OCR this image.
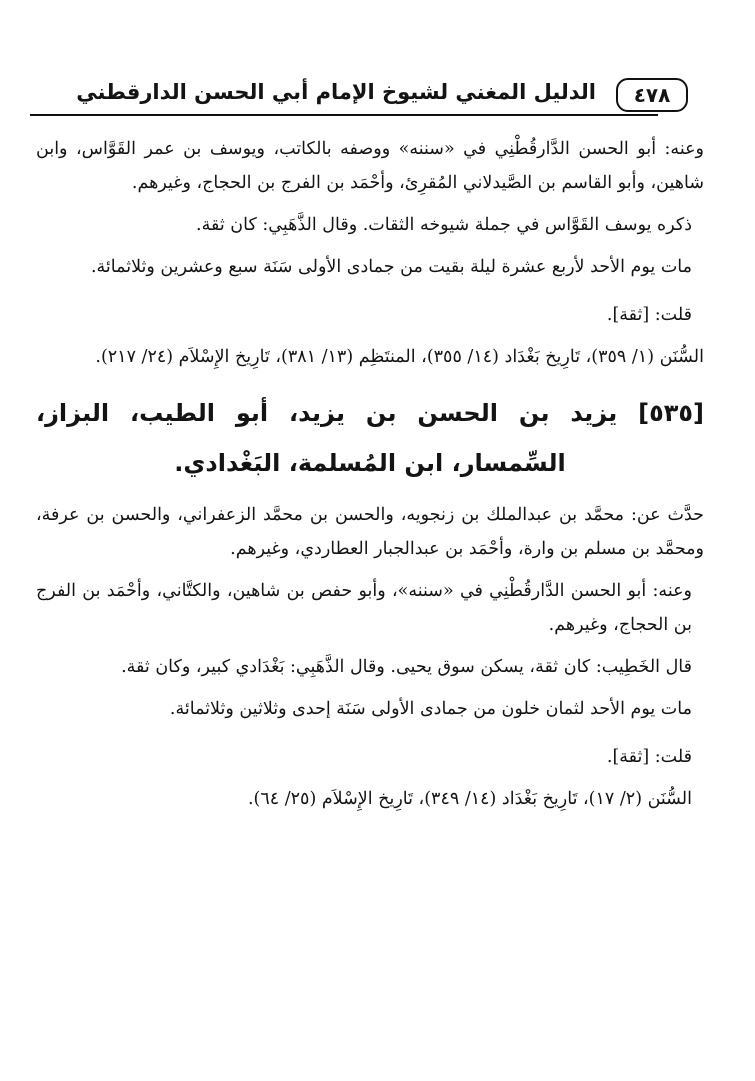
٤٧٨
الدليل المغني لشيوخ الإمام أبي الحسن الدارقطني

وعنه: أبو الحسن الدَّارقُطْنِي في «سننه» ووصفه بالكاتب، ويوسف بن عمر القَوَّاس، وابن شاهين، وأبو القاسم بن الصَّيدلاني المُقرِئ، وأحْمَد بن الفرج بن الحجاج، وغيرهم.

ذكره يوسف القَوَّاس في جملة شيوخه الثقات. وقال الذَّهَبِي: كان ثقة.

مات يوم الأحد لأربع عشرة ليلة بقيت من جمادى الأولى سَنَة سبع وعشرين وثلاثمائة.

قلت: [ثقة].

السُّنَن (١/ ٣٥٩)، تَارِيخ بَغْدَاد (١٤/ ٣٥٥)، المنتَظِم (١٣/ ٣٨١)، تَارِيخ الإِسْلاَم (٢٤/ ٢١٧).

[٥٣٥] يزيد بن الحسن بن يزيد، أبو الطيب، البزاز، السِّمسار، ابن المُسلمة، البَغْدادي.

حدَّث عن: محمَّد بن عبدالملك بن زنجويه، والحسن بن محمَّد الزعفراني، والحسن بن عرفة، ومحمَّد بن مسلم بن وارة، وأحْمَد بن عبدالجبار العطاردي، وغيرهم.

وعنه: أبو الحسن الدَّارقُطْنِي في «سننه»، وأبو حفص بن شاهين، والكتَّاني، وأحْمَد بن الفرج بن الحجاج، وغيرهم.

قال الخَطِيب: كان ثقة، يسكن سوق يحيى. وقال الذَّهَبِي: بَغْدَادي كبير، وكان ثقة.

مات يوم الأحد لثمان خلون من جمادى الأولى سَنَة إحدى وثلاثين وثلاثمائة.

قلت: [ثقة].

السُّنَن (٢/ ١٧)، تَارِيخ بَغْدَاد (١٤/ ٣٤٩)، تَارِيخ الإِسْلاَم (٢٥/ ٦٤).
